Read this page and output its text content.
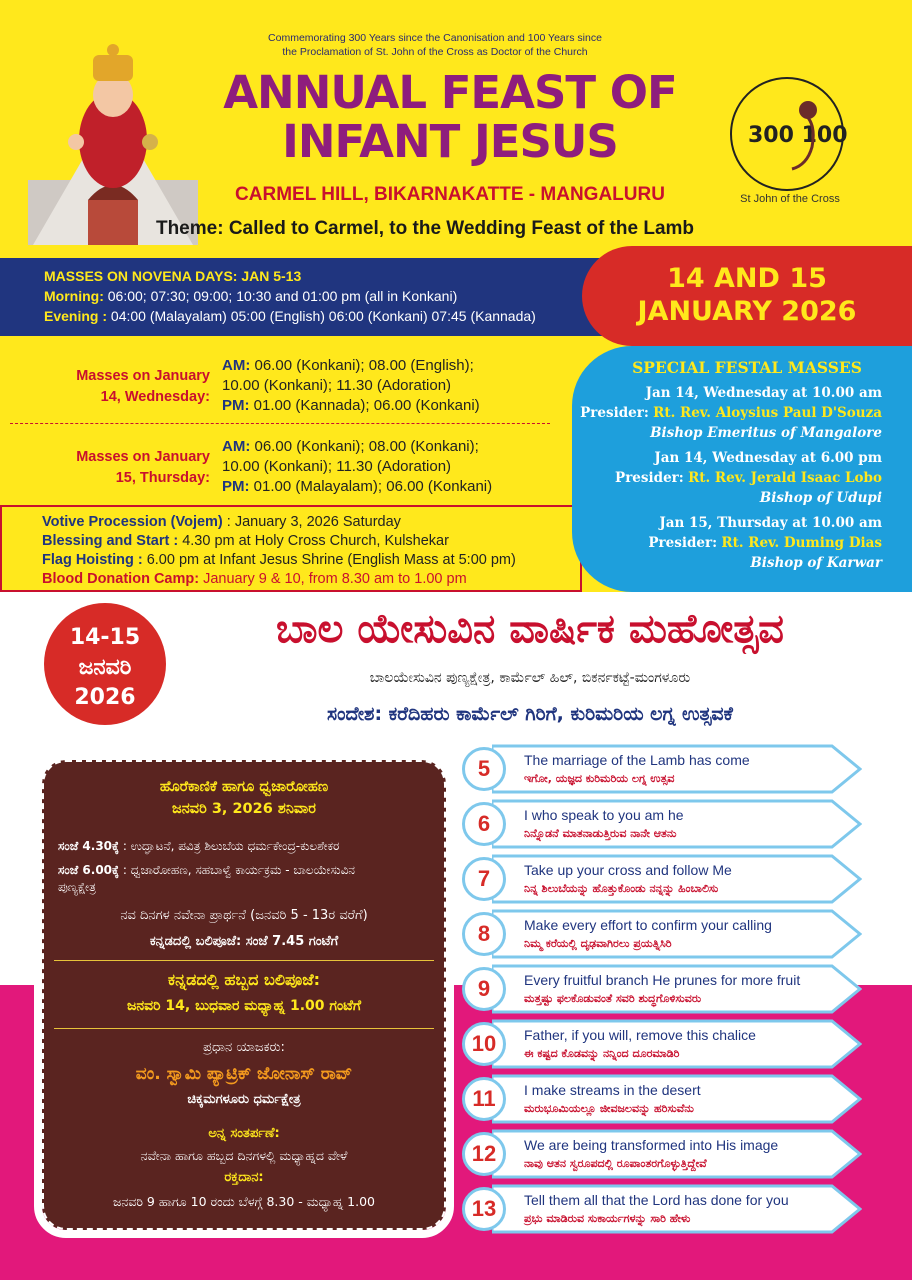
Commemorating 300 Years since the Canonisation and 100 Years since
the Proclamation of St. John of the Cross as Doctor of the Church
ANNUAL FEAST OF
INFANT JESUS
CARMEL HILL, BIKARNAKATTE - MANGALURU
Theme: Called to Carmel, to the Wedding Feast of the Lamb
300 100
St John of the Cross
MASSES ON NOVENA DAYS: JAN 5-13
Morning: 06:00; 07:30; 09:00; 10:30 and 01:00 pm (all in Konkani)
Evening : 04:00 (Malayalam) 05:00 (English) 06:00 (Konkani) 07:45 (Kannada)
Masses on January
14, Wednesday:
AM: 06.00 (Konkani); 08.00 (English);
10.00 (Konkani); 11.30 (Adoration)
PM: 01.00 (Kannada); 06.00 (Konkani)
Masses on January
15, Thursday:
AM: 06.00 (Konkani); 08.00 (Konkani);
10.00 (Konkani); 11.30 (Adoration)
PM: 01.00 (Malayalam); 06.00 (Konkani)
Votive Procession (Vojem) : January 3, 2026 Saturday
Blessing and Start : 4.30 pm at Holy Cross Church, Kulshekar
Flag Hoisting : 6.00 pm at Infant Jesus Shrine (English Mass at 5:00 pm)
Blood Donation Camp: January 9 & 10, from 8.30 am to 1.00 pm
SPECIAL FESTAL MASSES
Jan 14, Wednesday at 10.00 am
Presider: Rt. Rev. Aloysius Paul D'Souza
Bishop Emeritus of Mangalore
Jan 14, Wednesday at 6.00 pm
Presider: Rt. Rev. Jerald Isaac Lobo
Bishop of Udupi
Jan 15, Thursday at 10.00 am
Presider: Rt. Rev. Duming Dias
Bishop of Karwar
14 AND 15
JANUARY 2026
14-15
ಜನವರಿ
2026
ಬಾಲ ಯೇಸುವಿನ ವಾರ್ಷಿಕ ಮಹೋತ್ಸವ
ಬಾಲಯೇಸುವಿನ ಪುಣ್ಯಕ್ಷೇತ್ರ, ಕಾರ್ಮೆಲ್ ಹಿಲ್, ಬಿಕರ್ನಕಟ್ಟೆ-ಮಂಗಳೂರು
ಸಂದೇಶ: ಕರೆದಿಹರು ಕಾರ್ಮೆಲ್ ಗಿರಿಗೆ, ಕುರಿಮರಿಯ ಲಗ್ನ ಉತ್ಸವಕೆ
ಹೊರೆಕಾಣಿಕೆ ಹಾಗೂ ಧ್ವಜಾರೋಹಣ
ಜನವರಿ 3, 2026 ಶನಿವಾರ
ಸಂಜೆ 4.30ಕ್ಕೆ : ಉದ್ಘಾಟನೆ, ಪವಿತ್ರ ಶಿಲುಬೆಯ ಧರ್ಮಕೇಂದ್ರ-ಕುಲಶೇಕರ
ಸಂಜೆ 6.00ಕ್ಕೆ : ಧ್ವಜಾರೋಹಣ, ಸಹಬಾಳ್ವೆ ಕಾರ್ಯಕ್ರಮ - ಬಾಲಯೇಸುವಿನ
ಪುಣ್ಯಕ್ಷೇತ್ರ
ನವ ದಿನಗಳ ನವೇನಾ ಪ್ರಾರ್ಥನೆ (ಜನವರಿ 5 - 13ರ ವರೆಗೆ)
ಕನ್ನಡದಲ್ಲಿ ಬಲಿಪೂಜೆ: ಸಂಜೆ 7.45 ಗಂಟೆಗೆ
ಕನ್ನಡದಲ್ಲಿ ಹಬ್ಬದ ಬಲಿಪೂಜೆ:
ಜನವರಿ 14, ಬುಧವಾರ ಮಧ್ಯಾಹ್ನ 1.00 ಗಂಟೆಗೆ
ಪ್ರಧಾನ ಯಾಜಕರು:
ವಂ. ಸ್ವಾಮಿ ಪ್ಯಾಟ್ರಿಕ್ ಜೋನಾಸ್ ರಾವ್
ಚಿಕ್ಕಮಗಳೂರು ಧರ್ಮಕ್ಷೇತ್ರ
ಅನ್ನ ಸಂತರ್ಪಣೆ:
ನವೇನಾ ಹಾಗೂ ಹಬ್ಬದ ದಿನಗಳಲ್ಲಿ ಮಧ್ಯಾಹ್ನದ ವೇಳೆ
ರಕ್ತದಾನ:
ಜನವರಿ 9 ಹಾಗೂ 10 ರಂದು ಬೆಳಗ್ಗೆ 8.30 - ಮಧ್ಯಾಹ್ನ 1.00
5	The marriage of the Lamb has come
ಇಗೋ, ಯಜ್ಞದ ಕುರಿಮರಿಯ ಲಗ್ನ ಉತ್ಸವ
6	I who speak to you am he
ನಿನ್ನೊಡನೆ ಮಾತನಾಡುತ್ತಿರುವ ನಾನೇ ಆತನು
7	Take up your cross and follow Me
ನಿನ್ನ ಶಿಲುಬೆಯನ್ನು ಹೊತ್ತುಕೊಂಡು ನನ್ನನ್ನು ಹಿಂಬಾಲಿಸು
8	Make every effort to confirm your calling
ನಿಮ್ಮ ಕರೆಯಲ್ಲಿ ದೃಢವಾಗಿರಲು ಪ್ರಯತ್ನಿಸಿರಿ
9	Every fruitful branch He prunes for more fruit
ಮತ್ತಷ್ಟು ಫಲಕೊಡುವಂತೆ ಸವರಿ ಶುದ್ಧಗೊಳಿಸುವರು
10	Father, if you will, remove this chalice
ಈ ಕಷ್ಟದ ಕೊಡವನ್ನು ನನ್ನಿಂದ ದೂರಮಾಡಿರಿ
11	I make streams in the desert
ಮರುಭೂಮಿಯಲ್ಲೂ ಜೀವಜಲವನ್ನು ಹರಿಸುವೆನು
12	We are being transformed into His image
ನಾವು ಆತನ ಸ್ವರೂಪದಲ್ಲಿ ರೂಪಾಂತರಗೊಳ್ಳುತ್ತಿದ್ದೇವೆ
13	Tell them all that the Lord has done for you
ಪ್ರಭು ಮಾಡಿರುವ ಸುಕಾರ್ಯಗಳನ್ನು ಸಾರಿ ಹೇಳು
